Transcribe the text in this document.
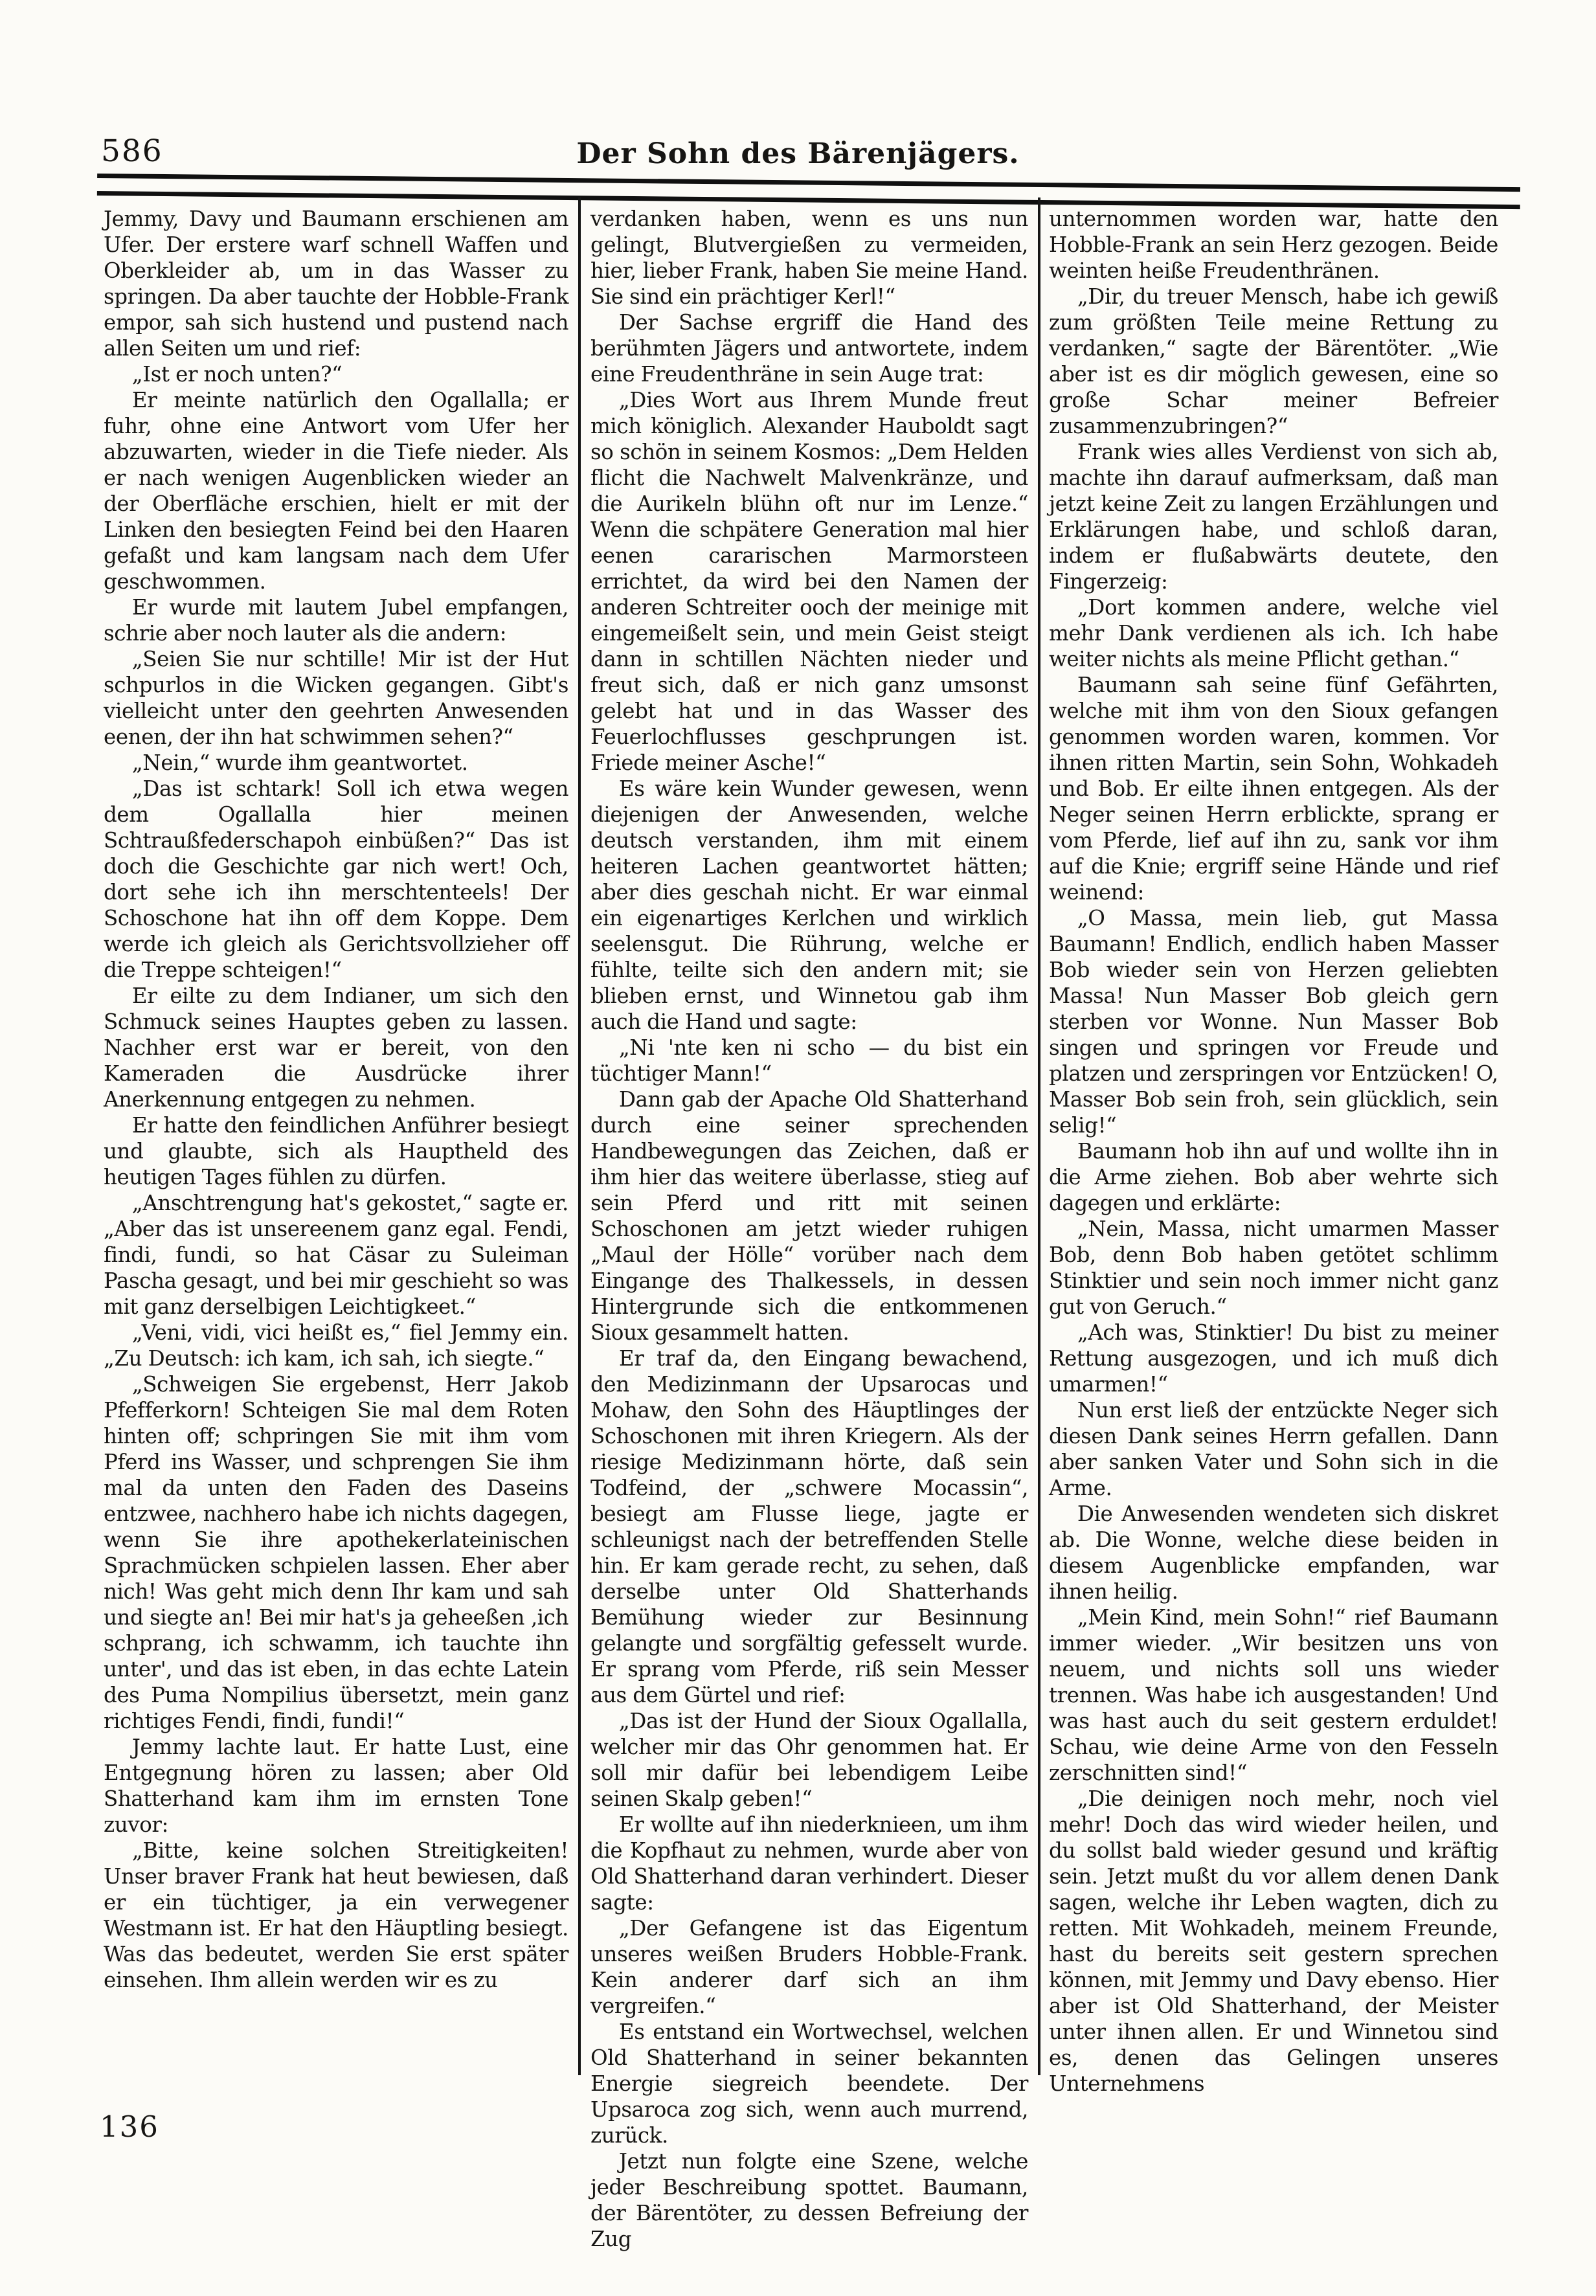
586	Der Sohn des Bärenjägers.

Jemmy, Davy und Baumann erschienen am Ufer. Der erstere warf schnell Waffen und Oberkleider ab, um in das Wasser zu springen. Da aber tauchte der Hobble-Frank empor, sah sich hustend und pustend nach allen Seiten um und rief:

„Ist er noch unten?“

Er meinte natürlich den Ogallalla; er fuhr, ohne eine Antwort vom Ufer her abzuwarten, wieder in die Tiefe nieder. Als er nach wenigen Augenblicken wieder an der Oberfläche erschien, hielt er mit der Linken den besiegten Feind bei den Haaren gefaßt und kam langsam nach dem Ufer geschwommen.

Er wurde mit lautem Jubel empfangen, schrie aber noch lauter als die andern:

„Seien Sie nur schtille! Mir ist der Hut schpurlos in die Wicken gegangen. Gibt's vielleicht unter den geehrten Anwesenden eenen, der ihn hat schwimmen sehen?“

„Nein,“ wurde ihm geantwortet.

„Das ist schtark! Soll ich etwa wegen dem Ogallalla hier meinen Schtraußfederschapoh einbüßen?“ Das ist doch die Geschichte gar nich wert! Och, dort sehe ich ihn merschtenteels! Der Schoschone hat ihn off dem Koppe. Dem werde ich gleich als Gerichtsvollzieher off die Treppe schteigen!“

Er eilte zu dem Indianer, um sich den Schmuck seines Hauptes geben zu lassen. Nachher erst war er bereit, von den Kameraden die Ausdrücke ihrer Anerkennung entgegen zu nehmen.

Er hatte den feindlichen Anführer besiegt und glaubte, sich als Hauptheld des heutigen Tages fühlen zu dürfen.

„Anschtrengung hat's gekostet,“ sagte er. „Aber das ist unsereenem ganz egal. Fendi, findi, fundi, so hat Cäsar zu Suleiman Pascha gesagt, und bei mir geschieht so was mit ganz derselbigen Leichtigkeet.“

„Veni, vidi, vici heißt es,“ fiel Jemmy ein. „Zu Deutsch: ich kam, ich sah, ich siegte.“

„Schweigen Sie ergebenst, Herr Jakob Pfefferkorn! Schteigen Sie mal dem Roten hinten off; schpringen Sie mit ihm vom Pferd ins Wasser, und schprengen Sie ihm mal da unten den Faden des Daseins entzwee, nachhero habe ich nichts dagegen, wenn Sie ihre apothekerlateinischen Sprachmücken schpielen lassen. Eher aber nich! Was geht mich denn Ihr kam und sah und siegte an! Bei mir hat's ja geheeßen ‚ich schprang, ich schwamm, ich tauchte ihn unter', und das ist eben, in das echte Latein des Puma Nompilius übersetzt, mein ganz richtiges Fendi, findi, fundi!“

Jemmy lachte laut. Er hatte Lust, eine Entgegnung hören zu lassen; aber Old Shatterhand kam ihm im ernsten Tone zuvor:

„Bitte, keine solchen Streitigkeiten! Unser braver Frank hat heut bewiesen, daß er ein tüchtiger, ja ein verwegener Westmann ist. Er hat den Häuptling besiegt. Was das bedeutet, werden Sie erst später einsehen. Ihm allein werden wir es zu

verdanken haben, wenn es uns nun gelingt, Blutvergießen zu vermeiden, hier, lieber Frank, haben Sie meine Hand. Sie sind ein prächtiger Kerl!“

Der Sachse ergriff die Hand des berühmten Jägers und antwortete, indem eine Freudenthräne in sein Auge trat:

„Dies Wort aus Ihrem Munde freut mich königlich. Alexander Hauboldt sagt so schön in seinem Kosmos: „Dem Helden flicht die Nachwelt Malvenkränze, und die Aurikeln blühn oft nur im Lenze.“ Wenn die schpätere Generation mal hier eenen cararischen Marmorsteen errichtet, da wird bei den Namen der anderen Schtreiter ooch der meinige mit eingemeißelt sein, und mein Geist steigt dann in schtillen Nächten nieder und freut sich, daß er nich ganz umsonst gelebt hat und in das Wasser des Feuerlochflusses geschprungen ist. Friede meiner Asche!“

Es wäre kein Wunder gewesen, wenn diejenigen der Anwesenden, welche deutsch verstanden, ihm mit einem heiteren Lachen geantwortet hätten; aber dies geschah nicht. Er war einmal ein eigenartiges Kerlchen und wirklich seelensgut. Die Rührung, welche er fühlte, teilte sich den andern mit; sie blieben ernst, und Winnetou gab ihm auch die Hand und sagte:

„Ni 'nte ken ni scho — du bist ein tüchtiger Mann!“

Dann gab der Apache Old Shatterhand durch eine seiner sprechenden Handbewegungen das Zeichen, daß er ihm hier das weitere überlasse, stieg auf sein Pferd und ritt mit seinen Schoschonen am jetzt wieder ruhigen „Maul der Hölle“ vorüber nach dem Eingange des Thalkessels, in dessen Hintergrunde sich die entkommenen Sioux gesammelt hatten.

Er traf da, den Eingang bewachend, den Medizinmann der Upsarocas und Mohaw, den Sohn des Häuptlinges der Schoschonen mit ihren Kriegern. Als der riesige Medizinmann hörte, daß sein Todfeind, der „schwere Mocassin“, besiegt am Flusse liege, jagte er schleunigst nach der betreffenden Stelle hin. Er kam gerade recht, zu sehen, daß derselbe unter Old Shatterhands Bemühung wieder zur Besinnung gelangte und sorgfältig gefesselt wurde. Er sprang vom Pferde, riß sein Messer aus dem Gürtel und rief:

„Das ist der Hund der Sioux Ogallalla, welcher mir das Ohr genommen hat. Er soll mir dafür bei lebendigem Leibe seinen Skalp geben!“

Er wollte auf ihn niederknieen, um ihm die Kopfhaut zu nehmen, wurde aber von Old Shatterhand daran verhindert. Dieser sagte:

„Der Gefangene ist das Eigentum unseres weißen Bruders Hobble-Frank. Kein anderer darf sich an ihm vergreifen.“

Es entstand ein Wortwechsel, welchen Old Shatterhand in seiner bekannten Energie siegreich beendete. Der Upsaroca zog sich, wenn auch murrend, zurück.

Jetzt nun folgte eine Szene, welche jeder Beschreibung spottet. Baumann, der Bärentöter, zu dessen Befreiung der Zug

unternommen worden war, hatte den Hobble-Frank an sein Herz gezogen. Beide weinten heiße Freudenthränen.

„Dir, du treuer Mensch, habe ich gewiß zum größten Teile meine Rettung zu verdanken,“ sagte der Bärentöter. „Wie aber ist es dir möglich gewesen, eine so große Schar meiner Befreier zusammenzubringen?“

Frank wies alles Verdienst von sich ab, machte ihn darauf aufmerksam, daß man jetzt keine Zeit zu langen Erzählungen und Erklärungen habe, und schloß daran, indem er flußabwärts deutete, den Fingerzeig:

„Dort kommen andere, welche viel mehr Dank verdienen als ich. Ich habe weiter nichts als meine Pflicht gethan.“

Baumann sah seine fünf Gefährten, welche mit ihm von den Sioux gefangen genommen worden waren, kommen. Vor ihnen ritten Martin, sein Sohn, Wohkadeh und Bob. Er eilte ihnen entgegen. Als der Neger seinen Herrn erblickte, sprang er vom Pferde, lief auf ihn zu, sank vor ihm auf die Knie; ergriff seine Hände und rief weinend:

„O Massa, mein lieb, gut Massa Baumann! Endlich, endlich haben Masser Bob wieder sein von Herzen geliebten Massa! Nun Masser Bob gleich gern sterben vor Wonne. Nun Masser Bob singen und springen vor Freude und platzen und zerspringen vor Entzücken! O, Masser Bob sein froh, sein glücklich, sein selig!“

Baumann hob ihn auf und wollte ihn in die Arme ziehen. Bob aber wehrte sich dagegen und erklärte:

„Nein, Massa, nicht umarmen Masser Bob, denn Bob haben getötet schlimm Stinktier und sein noch immer nicht ganz gut von Geruch.“

„Ach was, Stinktier! Du bist zu meiner Rettung ausgezogen, und ich muß dich umarmen!“

Nun erst ließ der entzückte Neger sich diesen Dank seines Herrn gefallen. Dann aber sanken Vater und Sohn sich in die Arme.

Die Anwesenden wendeten sich diskret ab. Die Wonne, welche diese beiden in diesem Augenblicke empfanden, war ihnen heilig.

„Mein Kind, mein Sohn!“ rief Baumann immer wieder. „Wir besitzen uns von neuem, und nichts soll uns wieder trennen. Was habe ich ausgestanden! Und was hast auch du seit gestern erduldet! Schau, wie deine Arme von den Fesseln zerschnitten sind!“

„Die deinigen noch mehr, noch viel mehr! Doch das wird wieder heilen, und du sollst bald wieder gesund und kräftig sein. Jetzt mußt du vor allem denen Dank sagen, welche ihr Leben wagten, dich zu retten. Mit Wohkadeh, meinem Freunde, hast du bereits seit gestern sprechen können, mit Jemmy und Davy ebenso. Hier aber ist Old Shatterhand, der Meister unter ihnen allen. Er und Winnetou sind es, denen das Gelingen unseres Unternehmens

136
